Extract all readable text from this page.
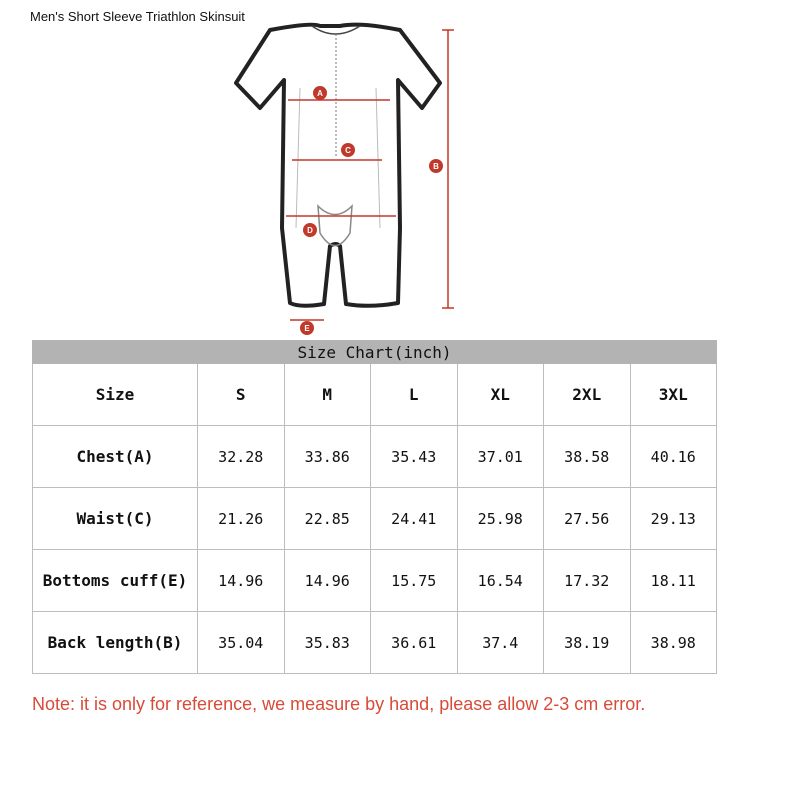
Men's Short Sleeve Triathlon Skinsuit
A
C
D
E
B
Size Chart(inch)						
Size	S	M	L	XL	2XL	3XL
Chest(A)	32.28	33.86	35.43	37.01	38.58	40.16
Waist(C)	21.26	22.85	24.41	25.98	27.56	29.13
Bottoms cuff(E)	14.96	14.96	15.75	16.54	17.32	18.11
Back length(B)	35.04	35.83	36.61	37.4	38.19	38.98
Note: it is only for reference, we measure by hand, please allow 2-3 cm error.
